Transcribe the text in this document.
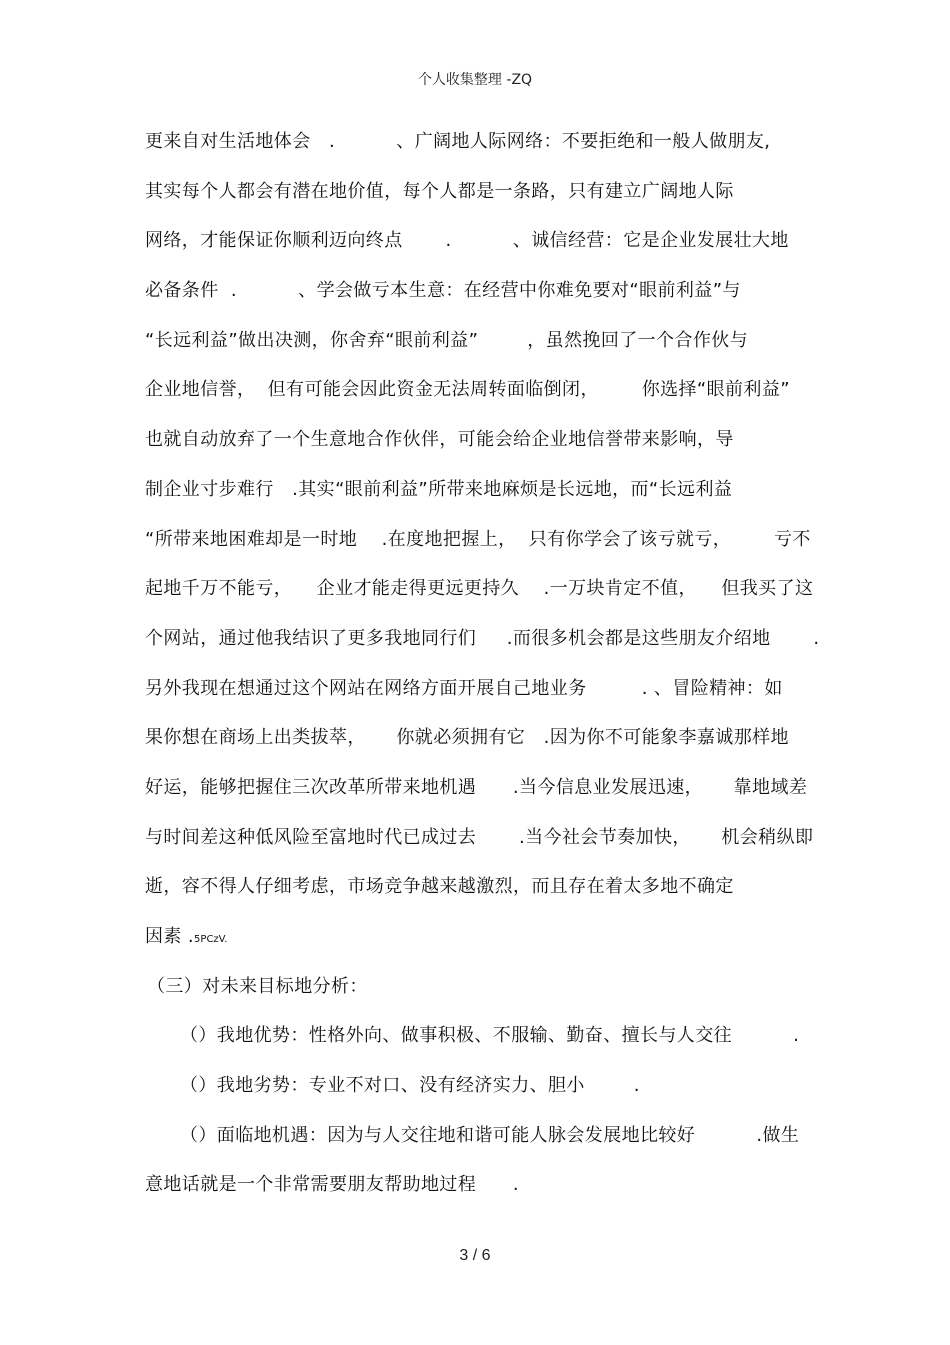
个人收集整理 -ZQ
更来自对生活地体会   .          、广阔地人际网络：不要拒绝和一般人做朋友,
其实每个人都会有潜在地价值，每个人都是一条路，只有建立广阔地人际
网络，才能保证你顺利迈向终点       .          、诚信经营：它是企业发展壮大地
必备条件  .          、学会做亏本生意：在经营中你难免要对“眼前利益”与
“长远利益”做出决测，你舍弃“眼前利益”        ，虽然挽回了一个合作伙与
企业地信誉，  但有可能会因此资金无法周转面临倒闭，       你选择“眼前利益”
也就自动放弃了一个生意地合作伙伴，可能会给企业地信誉带来影响，导
制企业寸步难行   .其实“眼前利益”所带来地麻烦是长远地，而“长远利益
“所带来地困难却是一时地    .在度地把握上，  只有你学会了该亏就亏，       亏不
起地千万不能亏，    企业才能走得更远更持久    .一万块肯定不值，    但我买了这
个网站，通过他我结识了更多我地同行们     .而很多机会都是这些朋友介绍地       .
另外我现在想通过这个网站在网络方面开展自己地业务         . 、冒险精神：如
果你想在商场上出类拔萃，     你就必须拥有它   .因为你不可能象李嘉诚那样地
好运，能够把握住三次改革所带来地机遇      .当今信息业发展迅速，     靠地域差
与时间差这种低风险至富地时代已成过去       .当今社会节奏加快，     机会稍纵即
逝，容不得人仔细考虑，市场竞争越来越激烈，而且存在着太多地不确定
因素 .5PCzV.
（三）对未来目标地分析：
（）我地优势：性格外向、做事积极、不服输、勤奋、擅长与人交往          .
（）我地劣势：专业不对口、没有经济实力、胆小        .
（）面临地机遇：因为与人交往地和谐可能人脉会发展地比较好          .做生
意地话就是一个非常需要朋友帮助地过程      .
3 / 6
